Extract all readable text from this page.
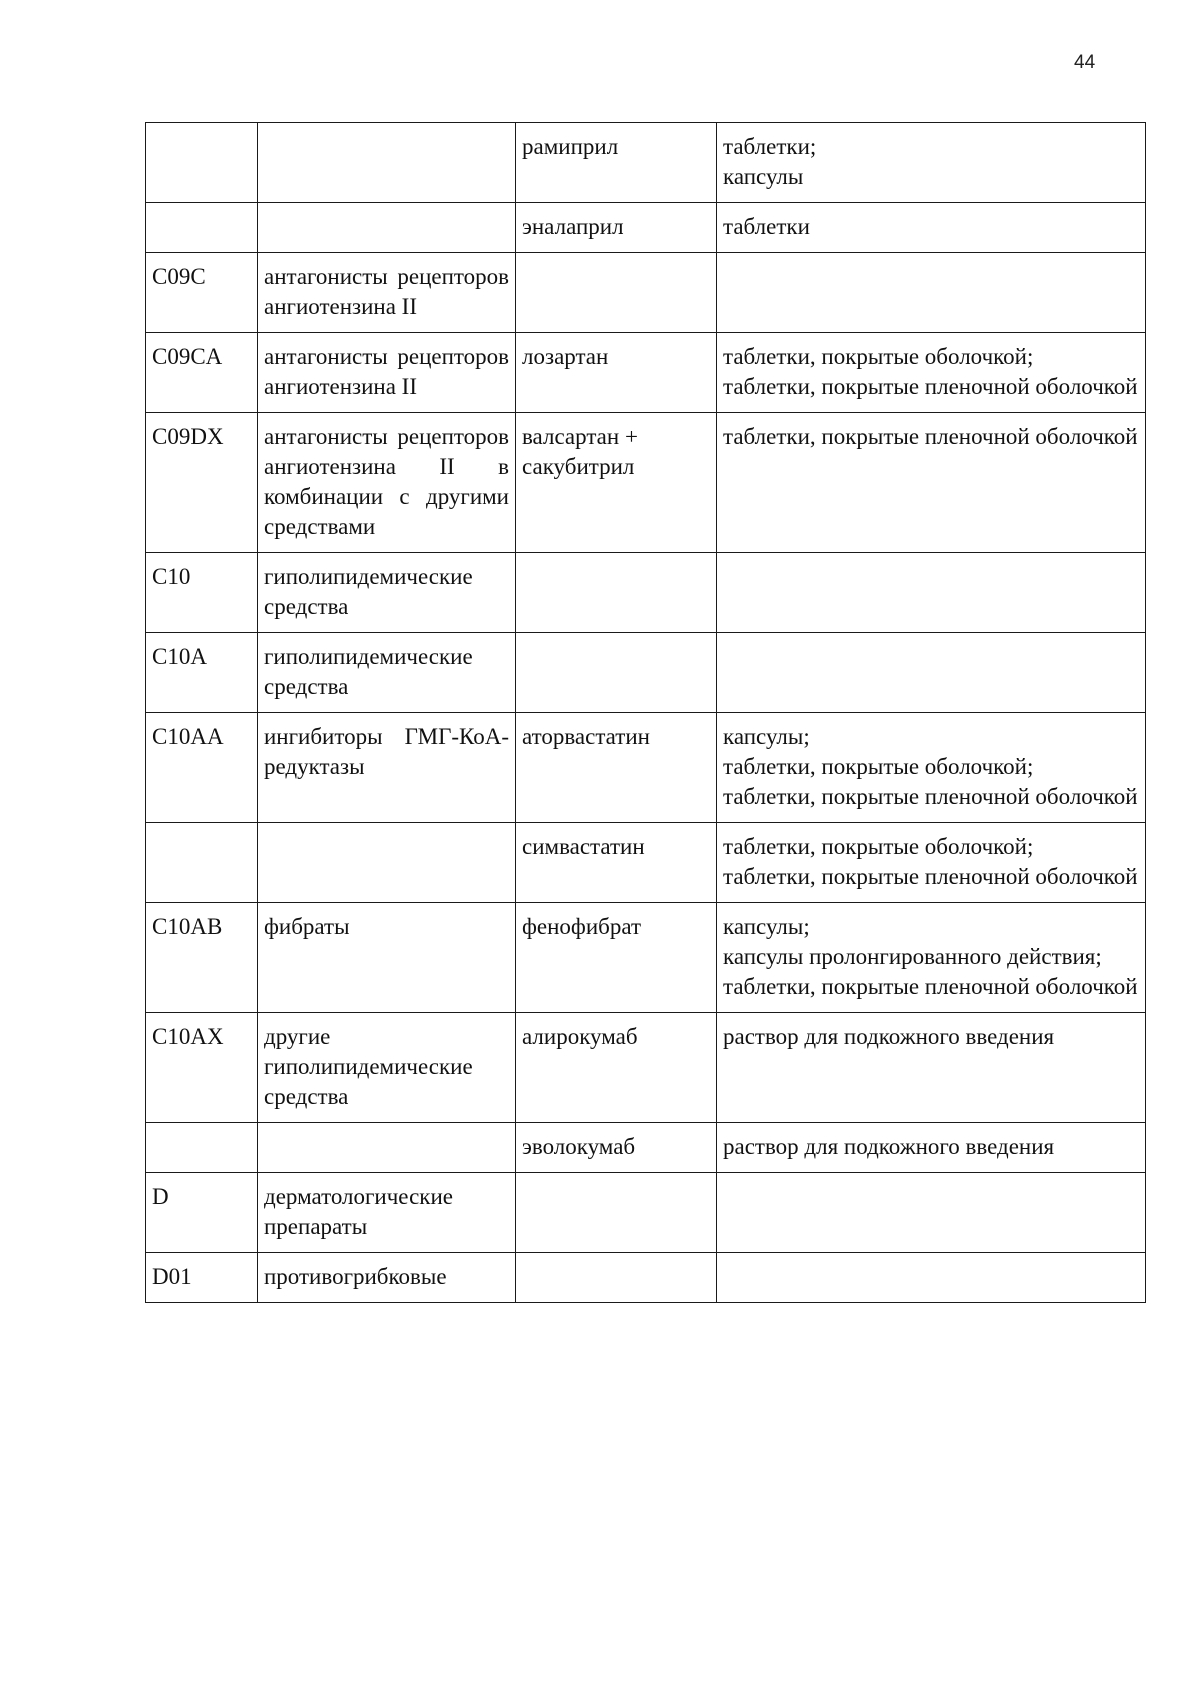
44
		рамиприл	таблетки;
капсулы
		эналаприл	таблетки
C09C	антагонисты рецепторов ангиотензина II		
C09CA	антагонисты рецепторов ангиотензина II	лозартан	таблетки, покрытые оболочкой;
таблетки, покрытые пленочной оболочкой
C09DX	антагонисты рецепторов ангиотензина II в комбинации с другими средствами	валсартан + сакубитрил	таблетки, покрытые пленочной оболочкой
C10	гиполипидемические средства		
C10A	гиполипидемические средства		
C10AA	ингибиторы ГМГ-КоА-редуктазы	аторвастатин	капсулы;
таблетки, покрытые оболочкой;
таблетки, покрытые пленочной оболочкой
		симвастатин	таблетки, покрытые оболочкой;
таблетки, покрытые пленочной оболочкой
C10AB	фибраты	фенофибрат	капсулы;
капсулы пролонгированного действия;
таблетки, покрытые пленочной оболочкой
C10AX	другие гиполипидемические средства	алирокумаб	раствор для подкожного введения
		эволокумаб	раствор для подкожного введения
D	дерматологические препараты		
D01	противогрибковые		
